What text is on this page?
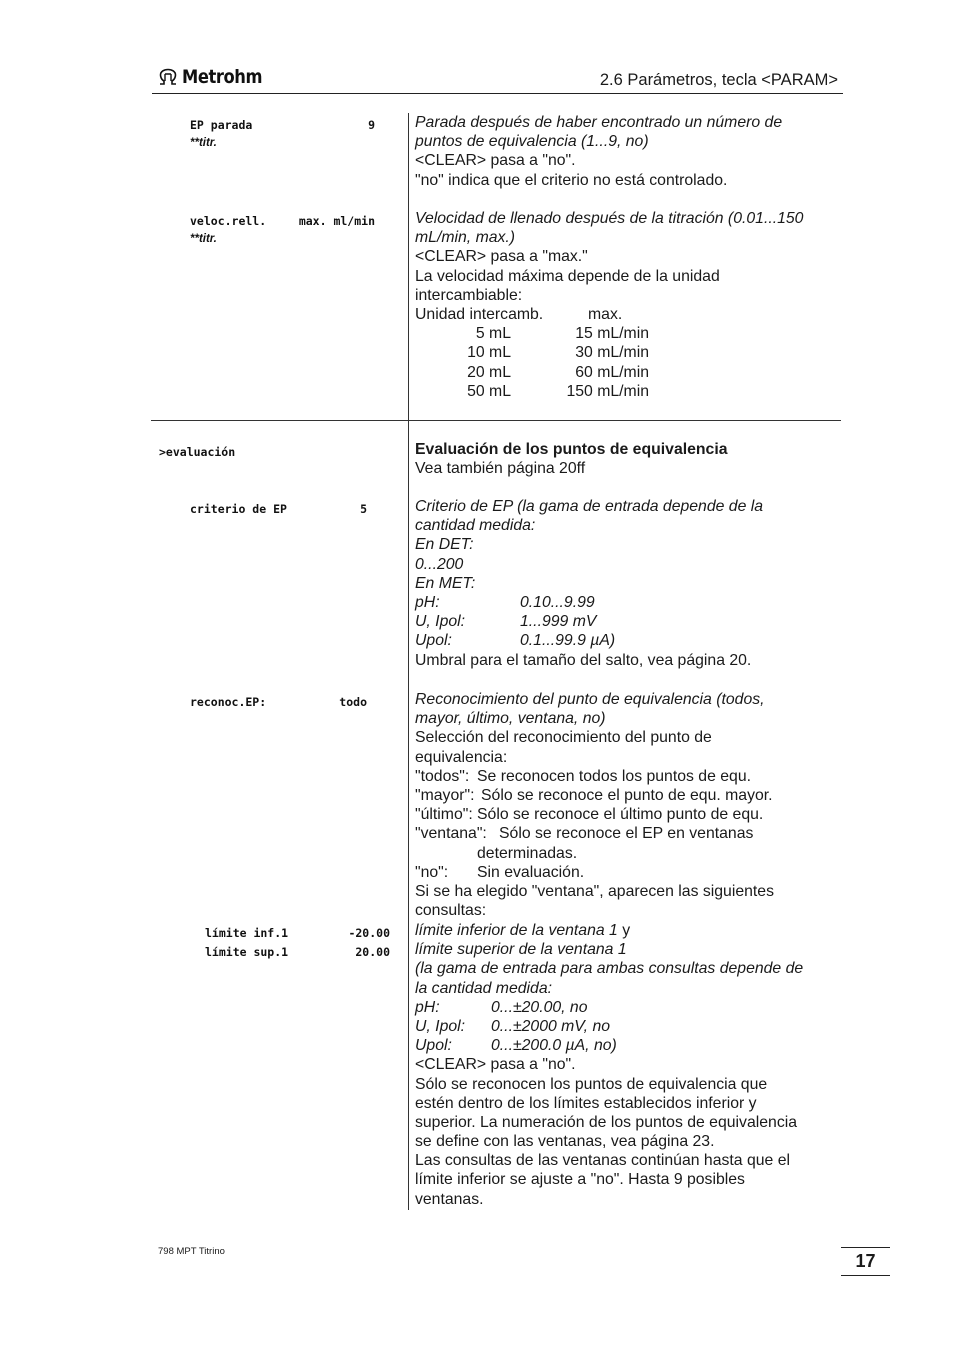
Metrohm	2.6 Parámetros, tecla <PARAM>
EP parada	9
**titr.
veloc.rell.	max. ml/min
**titr.
>evaluación
criterio de EP	5
reconoc.EP:	todo
límite inf.1	-20.00
límite sup.1	20.00
Parada después de haber encontrado un número de
puntos de equivalencia (1...9, no)
<CLEAR> pasa a "no".
"no" indica que el criterio no está controlado.
Velocidad de llenado después de la titración (0.01...150
mL/min, max.)
<CLEAR> pasa a "max."
La velocidad máxima depende de la unidad
intercambiable:
Unidad intercamb.	max.
5 mL	15 mL/min
10 mL	30 mL/min
20 mL	60 mL/min
50 mL	150 mL/min
Evaluación de los puntos de equivalencia
Vea también página 20ff
Criterio de EP (la gama de entrada depende de la
cantidad medida:
En DET:
0...200
En MET:
pH:	0.10...9.99
U, Ipol:	1...999 mV
Upol:	0.1...99.9 µA)
Umbral para el tamaño del salto, vea página 20.
Reconocimiento del punto de equivalencia (todos,
mayor, último, ventana, no)
Selección del reconocimiento del punto de
equivalencia:
"todos": Se reconocen todos los puntos de equ.
"mayor": Sólo se reconoce el punto de equ. mayor.
"último": Sólo se reconoce el último punto de equ.
"ventana": Sólo se reconoce el EP en ventanas
determinadas.
"no": Sin evaluación.
Si se ha elegido "ventana", aparecen las siguientes
consultas:
límite inferior de la ventana 1 y
límite superior de la ventana 1
(la gama de entrada para ambas consultas depende de
la cantidad medida:
pH:	0...±20.00, no
U, Ipol: 0...±2000 mV, no
Upol: 0...±200.0 µA, no)
<CLEAR> pasa a "no".
Sólo se reconocen los puntos de equivalencia que
estén dentro de los límites establecidos inferior y
superior. La numeración de los puntos de equivalencia
se define con las ventanas, vea página 23.
Las consultas de las ventanas continúan hasta que el
límite inferior se ajuste a "no". Hasta 9 posibles
ventanas.
798 MPT Titrino	17
